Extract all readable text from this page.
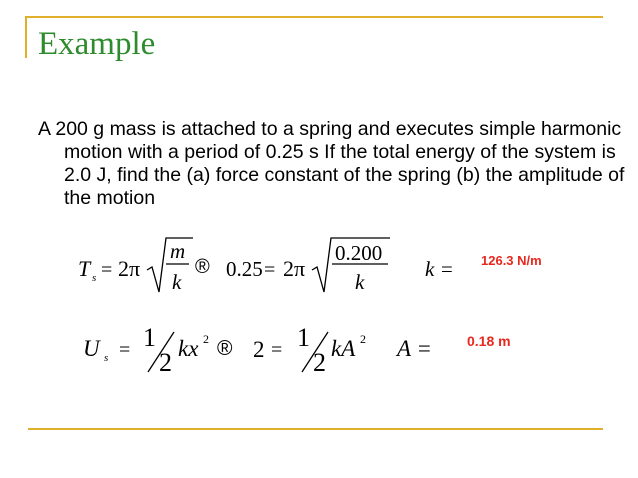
Example
A 200 g mass is attached to a spring and executes simple harmonic motion with a period of 0.25 s If the total energy of the system is 2.0 J, find the (a) force constant of the spring (b) the amplitude of the motion
T s = 2π
m
k
® 0.25 = 2π
0.200
k
k = 126.3 N/m
U s = 1
2 kx 2 ® 2 = 1
2 kA 2 A =	0.18 m
